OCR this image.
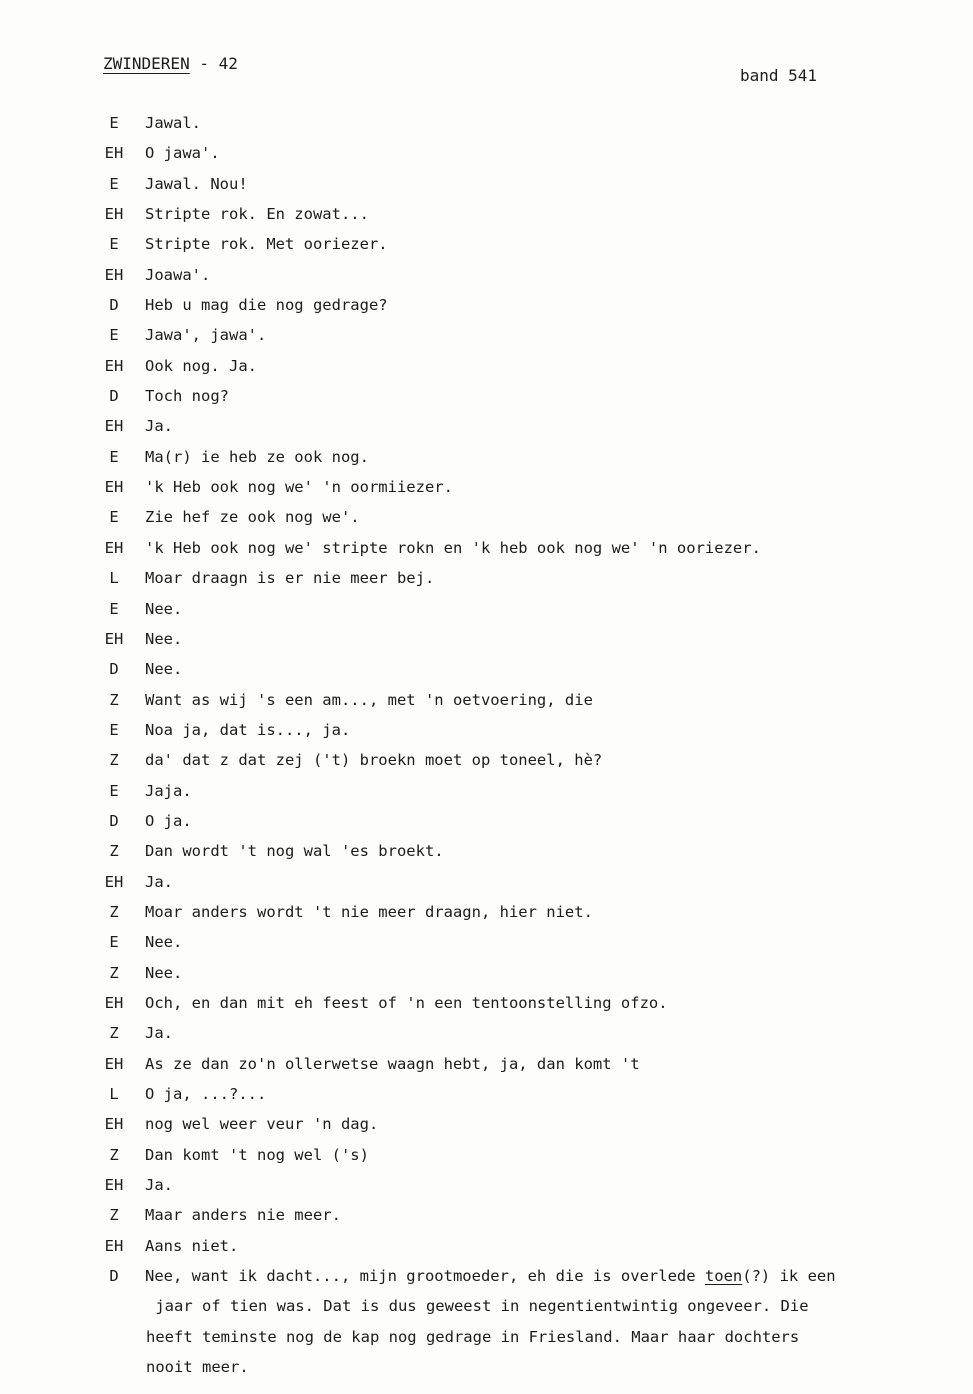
ZWINDEREN - 42
band 541
E	Jawal.
EH	O jawa'.
E	Jawal. Nou!
EH	Stripte rok. En zowat...
E	Stripte rok. Met ooriezer.
EH	Joawa'.
D	Heb u mag die nog gedrage?
E	Jawa', jawa'.
EH	Ook nog. Ja.
D	Toch nog?
EH	Ja.
E	Ma(r) ie heb ze ook nog.
EH	'k Heb ook nog we' 'n oormiiezer.
E	Zie hef ze ook nog we'.
EH	'k Heb ook nog we' stripte rokn en 'k heb ook nog we' 'n ooriezer.
L	Moar draagn is er nie meer bej.
E	Nee.
EH	Nee.
D	Nee.
Z	Want as wij 's een am..., met 'n oetvoering, die
E	Noa ja, dat is..., ja.
Z	da' dat z dat zej ('t) broekn moet op toneel, hè?
E	Jaja.
D	O ja.
Z	Dan wordt 't nog wal 'es broekt.
EH	Ja.
Z	Moar anders wordt 't nie meer draagn, hier niet.
E	Nee.
Z	Nee.
EH	Och, en dan mit eh feest of 'n een tentoonstelling ofzo.
Z	Ja.
EH	As ze dan zo'n ollerwetse waagn hebt, ja, dan komt 't
L	O ja, ...?...
EH	nog wel weer veur 'n dag.
Z	Dan komt 't nog wel ('s)
EH	Ja.
Z	Maar anders nie meer.
EH	Aans niet.
D	Nee, want ik dacht..., mijn grootmoeder, eh die is overlede toen(?) ik een
jaar of tien was. Dat is dus geweest in negentientwintig ongeveer. Die
heeft teminste nog de kap nog gedrage in Friesland. Maar haar dochters
nooit meer.
